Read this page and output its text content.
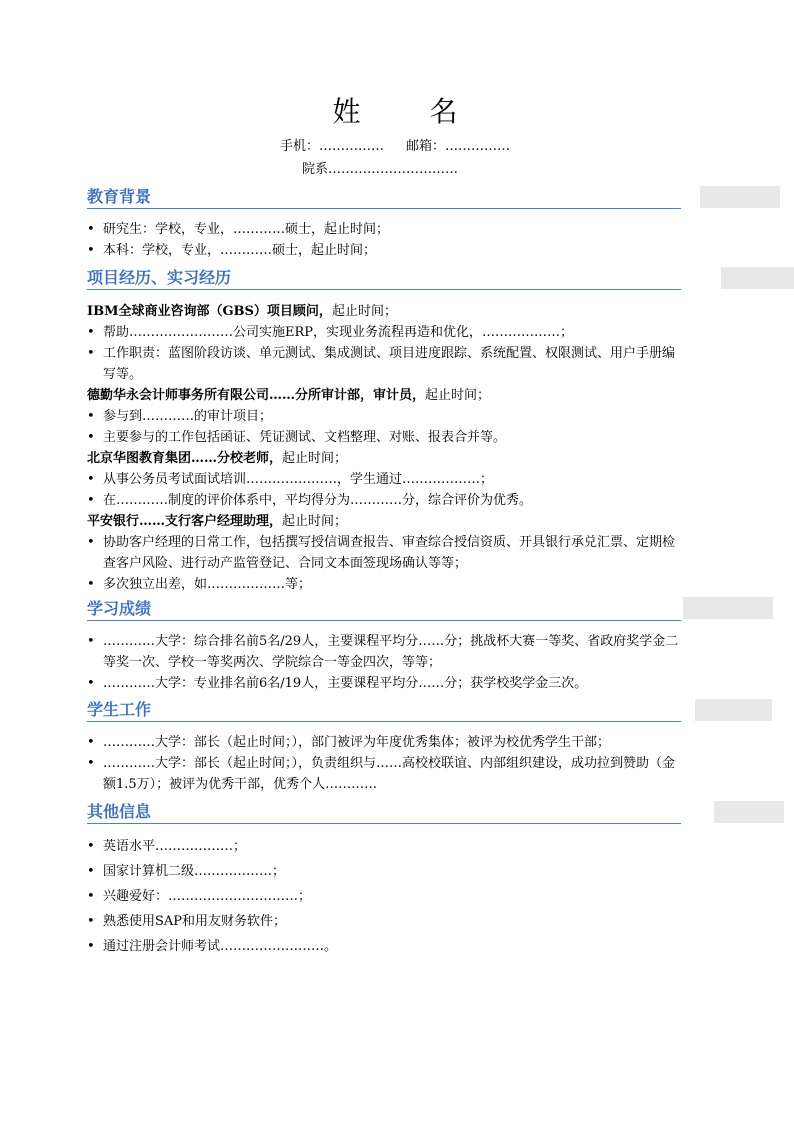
姓 名
手机：…………… 邮箱：……………
院系…………………………
教育背景
• 研究生：学校，专业，…………硕士，起止时间；
• 本科：学校，专业，…………硕士，起止时间；
项目经历、实习经历
IBM全球商业咨询部（GBS）项目顾问，起止时间；
• 帮助……………………公司实施ERP，实现业务流程再造和优化，………………；
• 工作职责：蓝图阶段访谈、单元测试、集成测试、项目进度跟踪、系统配置、权限测试、用户手册编写等。
德勤华永会计师事务所有限公司……分所审计部，审计员，起止时间；
• 参与到…………的审计项目；
• 主要参与的工作包括函证、凭证测试、文档整理、对账、报表合并等。
北京华图教育集团……分校老师，起止时间；
• 从事公务员考试面试培训…………………，学生通过………………；
• 在…………制度的评价体系中，平均得分为…………分，综合评价为优秀。
平安银行……支行客户经理助理，起止时间；
• 协助客户经理的日常工作，包括撰写授信调查报告、审查综合授信资质、开具银行承兑汇票、定期检查客户风险、进行动产监管登记、合同文本面签现场确认等等；
• 多次独立出差，如………………等；
学习成绩
• …………大学：综合排名前5名/29人，主要课程平均分……分；挑战杯大赛一等奖、省政府奖学金二等奖一次、学校一等奖两次、学院综合一等金四次，等等；
• …………大学：专业排名前6名/19人，主要课程平均分……分；获学校奖学金三次。
学生工作
• …………大学：部长（起止时间；），部门被评为年度优秀集体；被评为校优秀学生干部；
• …………大学：部长（起止时间；），负责组织与……高校校联谊、内部组织建设，成功拉到赞助（金额1.5万）；被评为优秀干部，优秀个人…………
其他信息
• 英语水平………………；
• 国家计算机二级………………；
• 兴趣爱好：…………………………；
• 熟悉使用SAP和用友财务软件；
• 通过注册会计师考试……………………。
